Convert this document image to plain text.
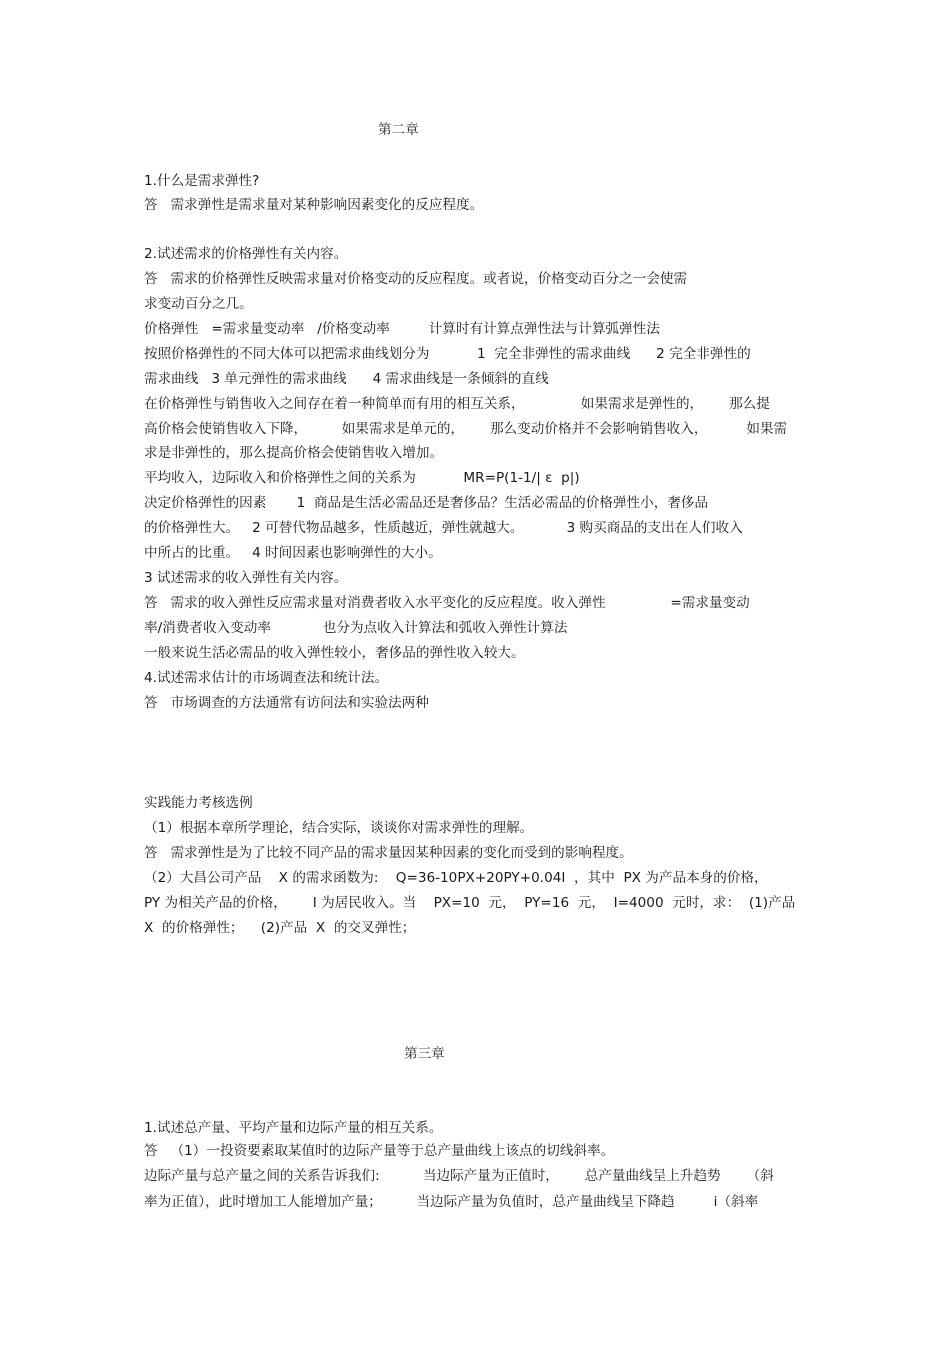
第二章

1.什么是需求弹性?

答   需求弹性是需求量对某种影响因素变化的反应程度。

2.试述需求的价格弹性有关内容。

答   需求的价格弹性反映需求量对价格变动的反应程度。或者说，价格变动百分之一会使需

求变动百分之几。

价格弹性   =需求量变动率   /价格变动率         计算时有计算点弹性法与计算弧弹性法

按照价格弹性的不同大体可以把需求曲线划分为           1  完全非弹性的需求曲线      2 完全非弹性的

需求曲线   3 单元弹性的需求曲线      4 需求曲线是一条倾斜的直线

在价格弹性与销售收入之间存在着一种简单而有用的相互关系，             如果需求是弹性的，      那么提

高价格会使销售收入下降，        如果需求是单元的，      那么变动价格并不会影响销售收入，         如果需

求是非弹性的，那么提高价格会使销售收入增加。

平均收入，边际收入和价格弹性之间的关系为           MR=P(1-1/| ε  p|)

决定价格弹性的因素       1  商品是生活必需品还是奢侈品？生活必需品的价格弹性小，奢侈品

的价格弹性大。   2 可替代物品越多，性质越近，弹性就越大。          3 购买商品的支出在人们收入

中所占的比重。   4 时间因素也影响弹性的大小。

3 试述需求的收入弹性有关内容。

答   需求的收入弹性反应需求量对消费者收入水平变化的反应程度。收入弹性               =需求量变动

率/消费者收入变动率            也分为点收入计算法和弧收入弹性计算法

一般来说生活必需品的收入弹性较小，奢侈品的弹性收入较大。

4.试述需求估计的市场调查法和统计法。

答   市场调查的方法通常有访问法和实验法两种

实践能力考核选例

（1）根据本章所学理论，结合实际，谈谈你对需求弹性的理解。

答   需求弹性是为了比较不同产品的需求量因某种因素的变化而受到的影响程度。

（2）大昌公司产品    X 的需求函数为:    Q=36-10PX+20PY+0.04I  ，其中  PX 为产品本身的价格，

PY 为相关产品的价格，      I 为居民收入。当    PX=10  元，  PY=16  元，  I=4000  元时，求：  (1)产品

X  的价格弹性；    (2)产品  X  的交叉弹性；

第三章

1.试述总产量、平均产量和边际产量的相互关系。

答   （1）一投资要素取某值时的边际产量等于总产量曲线上该点的切线斜率。

边际产量与总产量之间的关系告诉我们:          当边际产量为正值时，      总产量曲线呈上升趋势      （斜

率为正值），此时增加工人能增加产量；        当边际产量为负值时，总产量曲线呈下降趋         i（斜率
